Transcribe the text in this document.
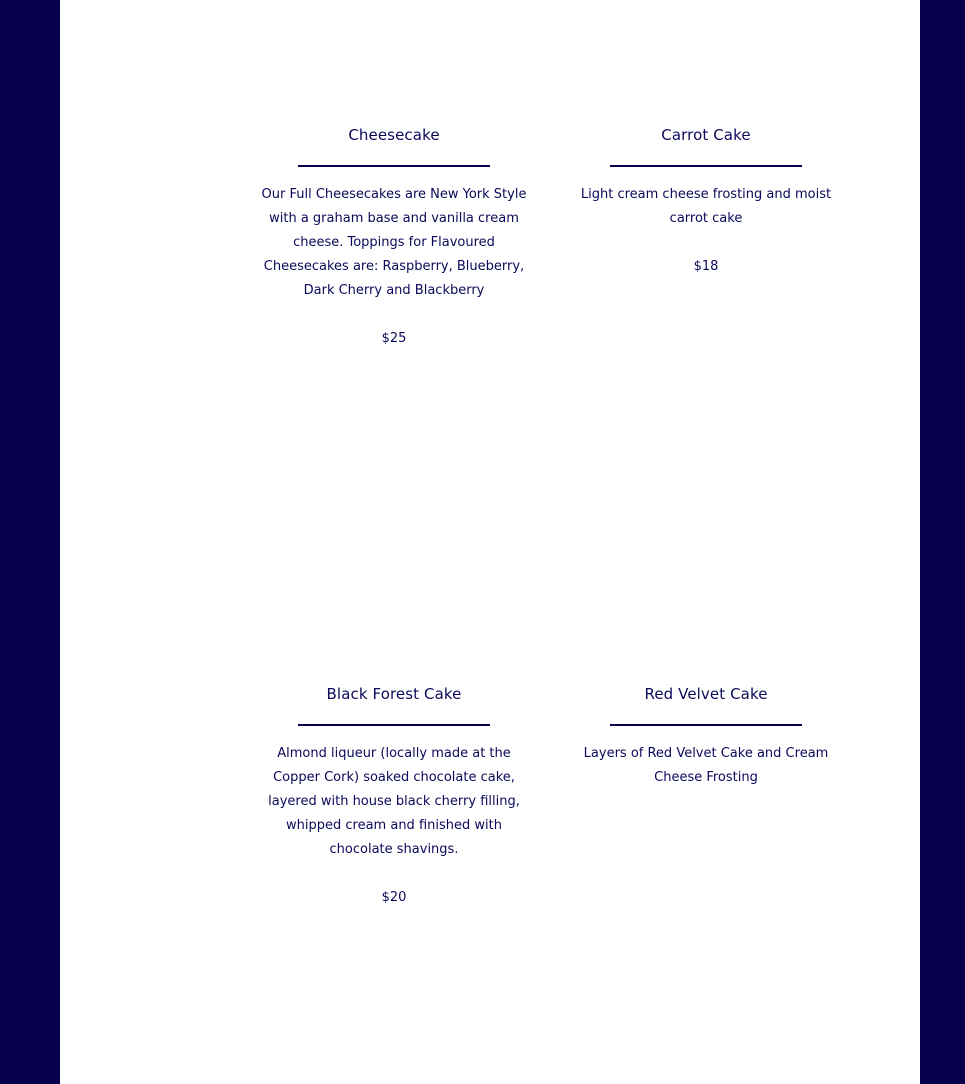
Cheesecake

Our Full Cheesecakes are New York Style with a graham base and vanilla cream cheese. Toppings for Flavoured Cheesecakes are: Raspberry, Blueberry, Dark Cherry and Blackberry

$25

Carrot Cake

Light cream cheese frosting and moist carrot cake

$18

Black Forest Cake

Almond liqueur (locally made at the Copper Cork) soaked chocolate cake, layered with house black cherry filling, whipped cream and finished with chocolate shavings.

$20

Red Velvet Cake

Layers of Red Velvet Cake and Cream Cheese Frosting
